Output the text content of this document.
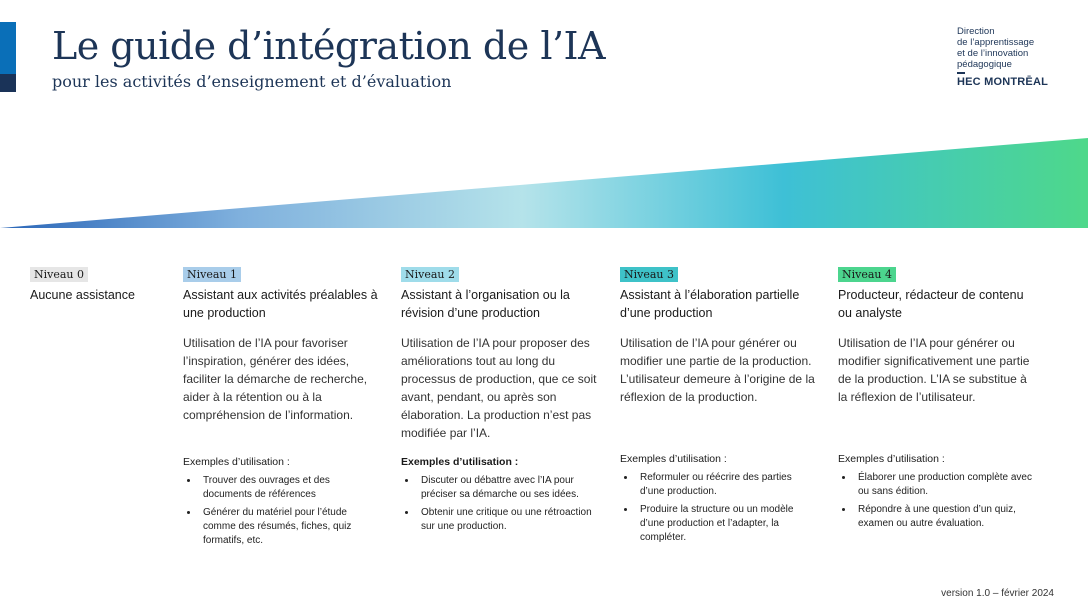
Le guide d’intégration de l’IA

pour les activités d’enseignement et d’évaluation

Direction
de l’apprentissage
et de l’innovation
pédagogique
HEC MONTRĒAL
Niveau 0
Aucune assistance
Niveau 1
Assistant aux activités préalables à une production
Utilisation de l’IA pour favoriser l’inspiration, générer des idées, faciliter la démarche de recherche, aider à la rétention ou à la compréhension de l’information.
Exemples d’utilisation :
• Trouver des ouvrages et des documents de références
• Générer du matériel pour l’étude comme des résumés, fiches, quiz formatifs, etc.
Niveau 2
Assistant à l’organisation ou la révision d’une production
Utilisation de l’IA pour proposer des améliorations tout au long du processus de production, que ce soit avant, pendant, ou après son élaboration. La production n’est pas modifiée par l’IA.
Exemples d’utilisation :
• Discuter ou débattre avec l’IA pour préciser sa démarche ou ses idées.
• Obtenir une critique ou une rétroaction sur une production.
Niveau 3
Assistant à l’élaboration partielle d’une production
Utilisation de l’IA pour générer ou modifier une partie de la production. L’utilisateur demeure à l’origine de la réflexion de la production.
Exemples d’utilisation :
• Reformuler ou réécrire des parties d’une production.
• Produire la structure ou un modèle d’une production et l’adapter, la compléter.
Niveau 4
Producteur, rédacteur de contenu ou analyste
Utilisation de l’IA pour générer ou modifier significativement une partie de la production. L’IA se substitue à la réflexion de l’utilisateur.
Exemples d’utilisation :
• Élaborer une production complète avec ou sans édition.
• Répondre à une question d’un quiz, examen ou autre évaluation.
version 1.0 – février 2024
